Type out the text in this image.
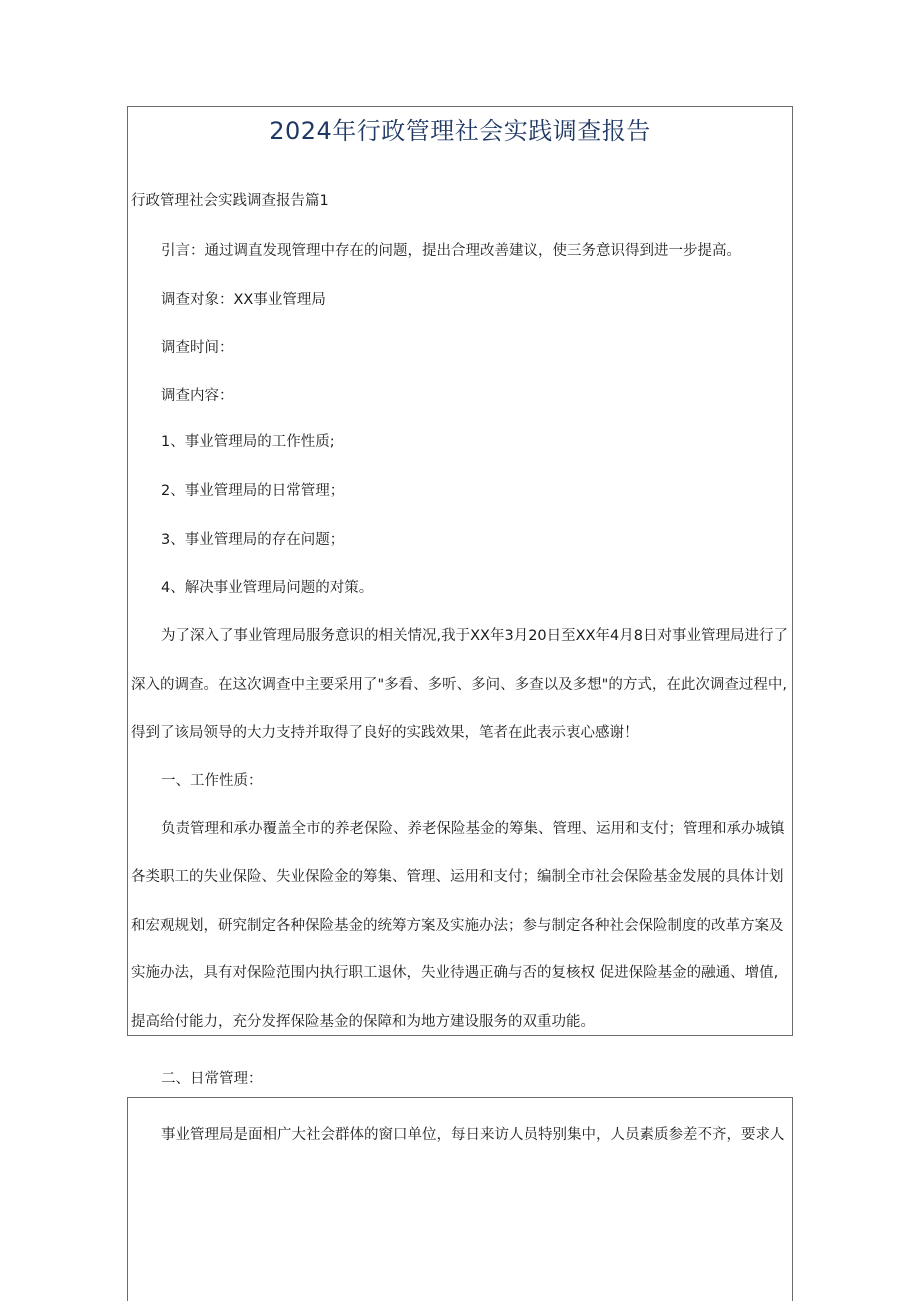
2024年行政管理社会实践调查报告
行政管理社会实践调查报告篇1
引言：通过调直发现管理中存在的问题，提出合理改善建议，使三务意识得到进一步提高。
调查对象：XX事业管理局
调查时间：
调查内容：
1、事业管理局的工作性质;
2、事业管理局的日常管理；
3、事业管理局的存在问题；
4、解决事业管理局问题的对策。
为了深入了事业管理局服务意识的相关情况,我于XX年3月20日至XX年4月8日对事业管理局进行了
深入的调查。在这次调查中主要采用了"多看、多听、多问、多查以及多想"的方式，在此次调查过程中,
得到了该局领导的大力支持并取得了良好的实践效果，笔者在此表示衷心感谢！
一、工作性质：
负责管理和承办覆盖全市的养老保险、养老保险基金的筹集、管理、运用和支付；管理和承办城镇
各类职工的失业保险、失业保险金的筹集、管理、运用和支付；编制全市社会保险基金发展的具体计划
和宏观规划，研究制定各种保险基金的统筹方案及实施办法；参与制定各种社会保险制度的改革方案及
实施办法，具有对保险范围内执行职工退休，失业待遇正确与否的复核权 促进保险基金的融通、增值,
提高给付能力，充分发挥保险基金的保障和为地方建设服务的双重功能。
二、日常管理：
事业管理局是面相广大社会群体的窗口单位，每日来访人员特别集中，人员素质参差不齐，要求人
